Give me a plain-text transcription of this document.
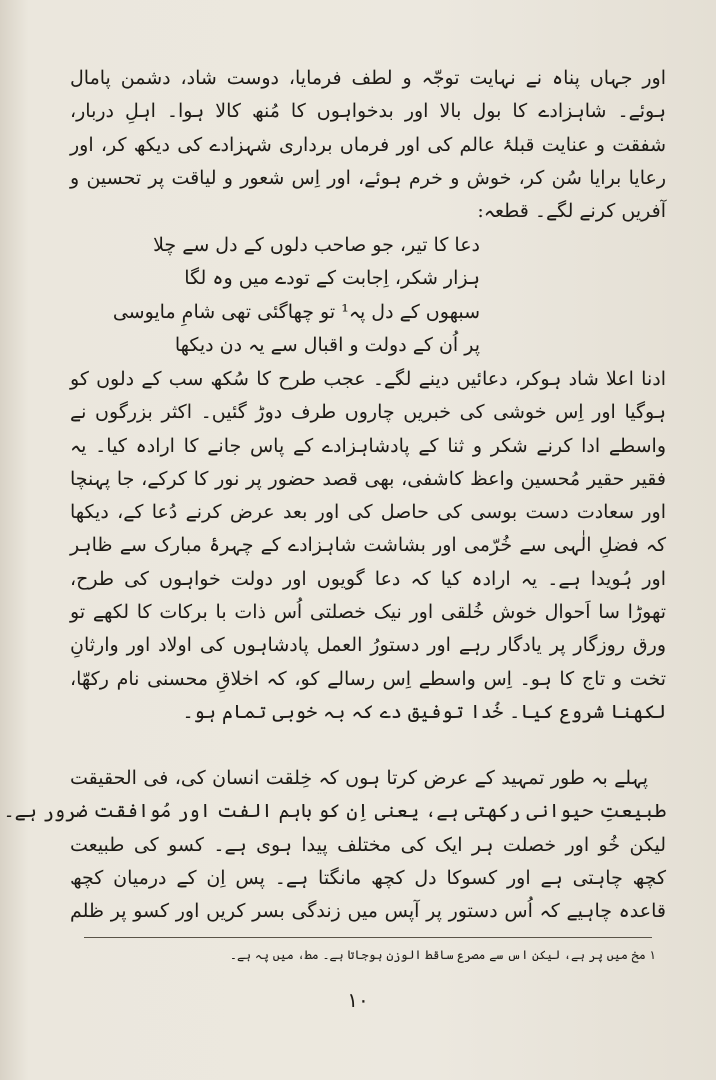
اور جہاں پناہ نے نہایت توجّہ و لطف فرمایا، دوست شاد، دشمن پامال
ہوئے۔ شاہزادے کا بول بالا اور بدخواہوں کا مُنھ کالا ہوا۔ اہلِ دربار،
شفقت و عنایت قبلۂ عالم کی اور فرماں برداری شہزادے کی دیکھ کر، اور
رعایا برایا سُن کر، خوش و خرم ہوئے، اور اِس شعور و لیاقت پر تحسین و
آفریں کرنے لگے۔ قطعہ:
دعا کا تیر، جو صاحب دلوں کے دل سے چلا
ہزار شکر، اِجابت کے تودے میں وہ لگا
سبھوں کے دل پہ¹ تو چھاگئی تھی شامِ مایوسی
پر اُن کے دولت و اقبال سے یہ دن دیکھا
ادنا اعلا شاد ہوکر، دعائیں دینے لگے۔ عجب طرح کا سُکھ سب کے دلوں کو
ہوگیا اور اِس خوشی کی خبریں چاروں طرف دوڑ گئیں۔ اکثر بزرگوں نے
واسطے ادا کرنے شکر و ثنا کے پادشاہزادے کے پاس جانے کا ارادہ کیا۔ یہ
فقیر حقیر مُحسین واعظ کاشفی، بھی قصد حضور پر نور کا کرکے، جا پہنچا
اور سعادت دست بوسی کی حاصل کی اور بعد عرض کرنے دُعا کے، دیکھا
کہ فضلِ الٰہی سے خُرّمی اور بشاشت شاہزادے کے چہرۂ مبارک سے ظاہر
اور ہُویدا ہے۔ یہ ارادہ کیا کہ دعا گویوں اور دولت خواہوں کی طرح،
تھوڑا سا اَحوال خوش خُلقی اور نیک خصلتی اُس ذات با برکات کا لکھے تو
ورق روزگار پر یادگار رہے اور دستورُ العمل پادشاہوں کی اولاد اور وارثانِ
تخت و تاج کا ہو۔ اِس واسطے اِس رسالے کو، کہ اخلاقِ محسنی نام رکھّا،
لکھنا شروع کیا۔ خُدا توفیق دے کہ بہ خوبی تمام ہو۔
پہلے بہ طور تمہید کے عرض کرتا ہوں کہ خِلقت انسان کی، فی الحقیقت
طبیعتِ حیوانی رکھتی ہے، یعنی اِن کو باہم الفت اور مُوافقت ضرور ہے۔
لیکن خُو اور خصلت ہر ایک کی مختلف پیدا ہوی ہے۔ کسو کی طبیعت
کچھ چاہتی ہے اور کسوکا دل کچھ مانگتا ہے۔ پس اِن کے درمیان کچھ
قاعدہ چاہیے کہ اُس دستور پر آپس میں زندگی بسر کریں اور کسو پر ظلم
۱ مخ میں پر ہے، لیکن اس سے مصرع ساقط الوزن ہوجاتا ہے۔ مط، میں پہ ہے۔
۱۰
